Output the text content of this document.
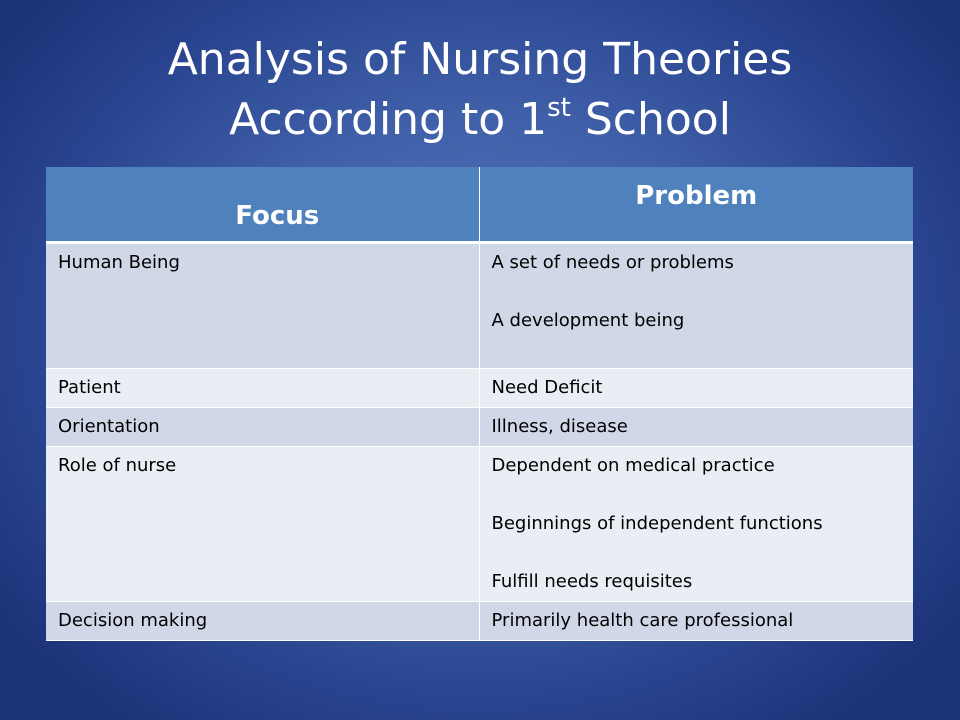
Analysis of Nursing Theories
According to 1st School
Focus	Problem
Human Being	A set of needs or problems
A development being

Patient	Need Deficit

Orientation	Illness, disease

Role of nurse	Dependent on medical practice
Beginnings of independent functions
Fulfill needs requisites

Decision making	Primarily health care professional
